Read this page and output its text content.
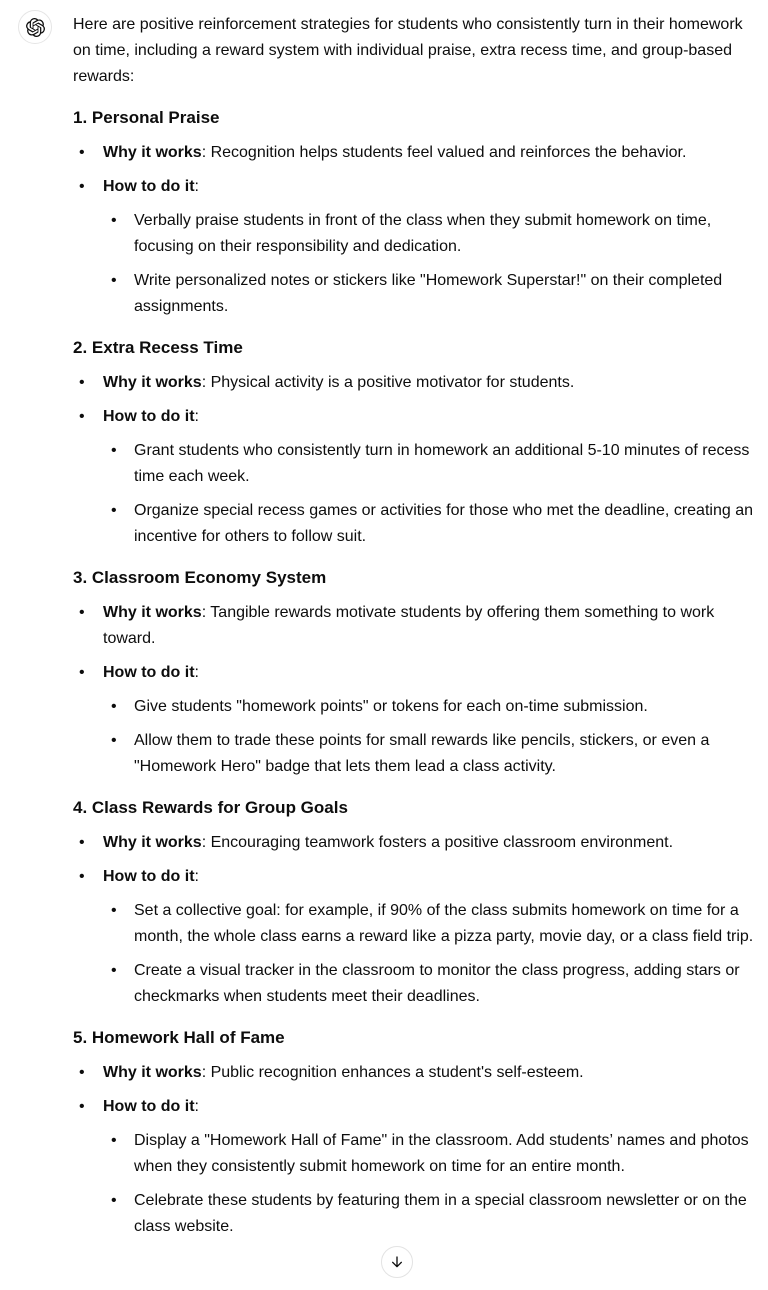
Here are positive reinforcement strategies for students who consistently turn in their homework on time, including a reward system with individual praise, extra recess time, and group-based rewards:

1. Personal Praise
• Why it works: Recognition helps students feel valued and reinforces the behavior.
• How to do it:
• Verbally praise students in front of the class when they submit homework on time, focusing on their responsibility and dedication.
• Write personalized notes or stickers like "Homework Superstar!" on their completed assignments.
2. Extra Recess Time
• Why it works: Physical activity is a positive motivator for students.
• How to do it:
• Grant students who consistently turn in homework an additional 5-10 minutes of recess time each week.
• Organize special recess games or activities for those who met the deadline, creating an incentive for others to follow suit.
3. Classroom Economy System
• Why it works: Tangible rewards motivate students by offering them something to work toward.
• How to do it:
• Give students "homework points" or tokens for each on-time submission.
• Allow them to trade these points for small rewards like pencils, stickers, or even a "Homework Hero" badge that lets them lead a class activity.
4. Class Rewards for Group Goals
• Why it works: Encouraging teamwork fosters a positive classroom environment.
• How to do it:
• Set a collective goal: for example, if 90% of the class submits homework on time for a month, the whole class earns a reward like a pizza party, movie day, or a class field trip.
• Create a visual tracker in the classroom to monitor the class progress, adding stars or checkmarks when students meet their deadlines.
5. Homework Hall of Fame
• Why it works: Public recognition enhances a student's self-esteem.
• How to do it:
• Display a "Homework Hall of Fame" in the classroom. Add students’ names and photos when they consistently submit homework on time for an entire month.
• Celebrate these students by featuring them in a special classroom newsletter or on the class website.
